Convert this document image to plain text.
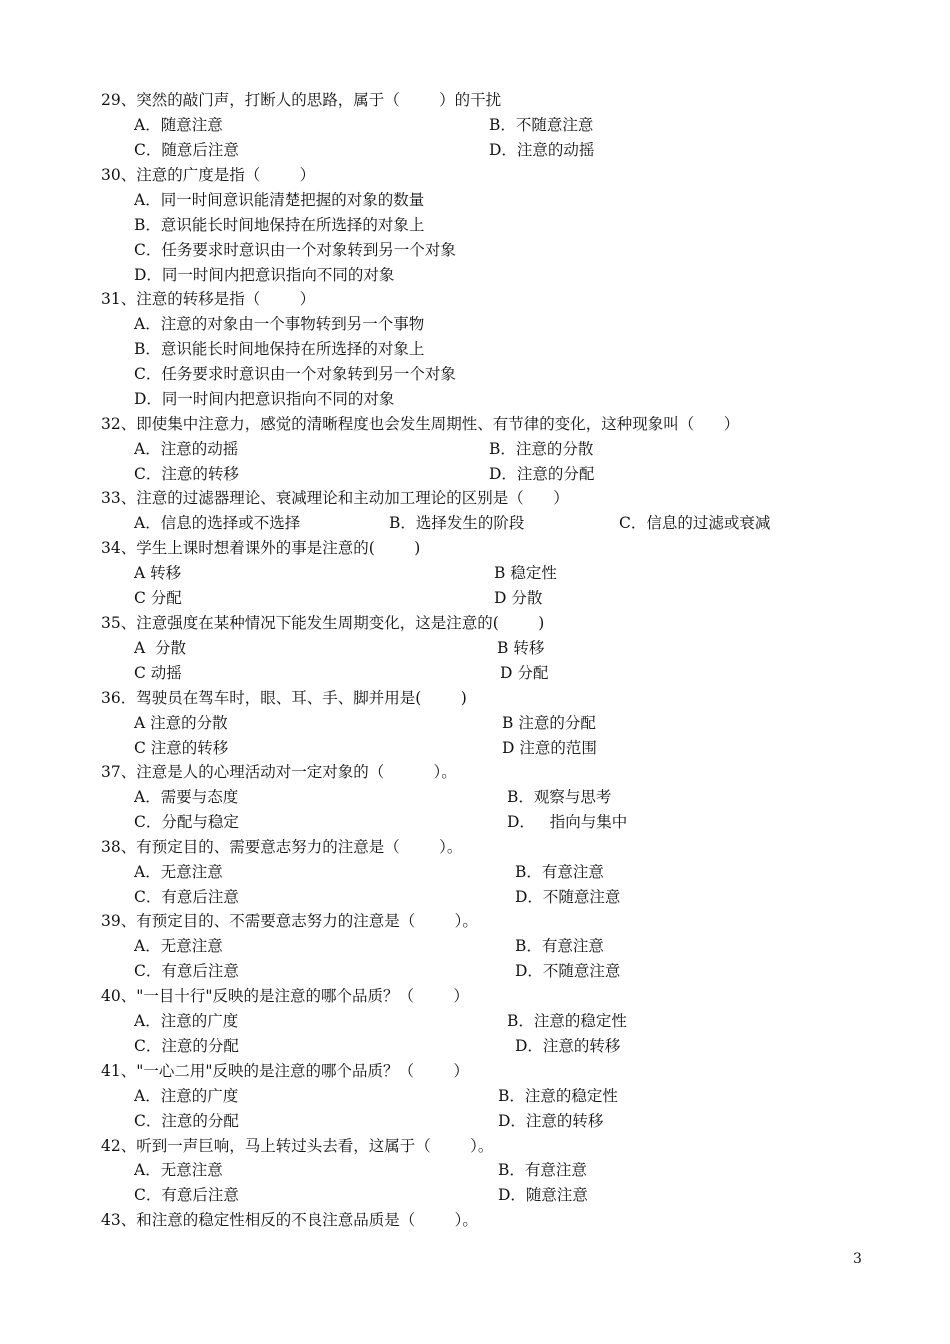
29、突然的敲门声，打断人的思路，属于（        ）的干扰
A．随意注意	B．不随意注意
C．随意后注意	D．注意的动摇
30、注意的广度是指（        ）
A．同一时间意识能清楚把握的对象的数量
B．意识能长时间地保持在所选择的对象上
C．任务要求时意识由一个对象转到另一个对象
D．同一时间内把意识指向不同的对象
31、注意的转移是指（        ）
A．注意的对象由一个事物转到另一个事物
B．意识能长时间地保持在所选择的对象上
C．任务要求时意识由一个对象转到另一个对象
D．同一时间内把意识指向不同的对象
32、即使集中注意力，感觉的清晰程度也会发生周期性、有节律的变化，这种现象叫（      ）
A．注意的动摇	B．注意的分散
C．注意的转移	D．注意的分配
33、注意的过滤器理论、衰减理论和主动加工理论的区别是（      ）
A．信息的选择或不选择	B．选择发生的阶段	C．信息的过滤或衰减
34、学生上课时想着课外的事是注意的(        )
A 转移	B 稳定性
C 分配	D 分散
35、注意强度在某种情况下能发生周期变化，这是注意的(        )
A  分散	B 转移
C 动摇	D 分配
36．驾驶员在驾车时，眼、耳、手、脚并用是(        )
A 注意的分散	B 注意的分配
C 注意的转移	D 注意的范围
37、注意是人的心理活动对一定对象的（          ）。
A．需要与态度	B．观察与思考
C．分配与稳定	D．   指向与集中
38、有预定目的、需要意志努力的注意是（        ）。
A．无意注意	B．有意注意
C．有意后注意	D．不随意注意
39、有预定目的、不需要意志努力的注意是（        ）。
A．无意注意	B．有意注意
C．有意后注意	D．不随意注意
40、"一目十行"反映的是注意的哪个品质？（        ）
A．注意的广度	B．注意的稳定性
C．注意的分配	D．注意的转移
41、"一心二用"反映的是注意的哪个品质？（        ）
A．注意的广度	B．注意的稳定性
C．注意的分配	D．注意的转移
42、听到一声巨响，马上转过头去看，这属于（        ）。
A．无意注意	B．有意注意
C．有意后注意	D．随意注意
43、和注意的稳定性相反的不良注意品质是（        ）。
3
